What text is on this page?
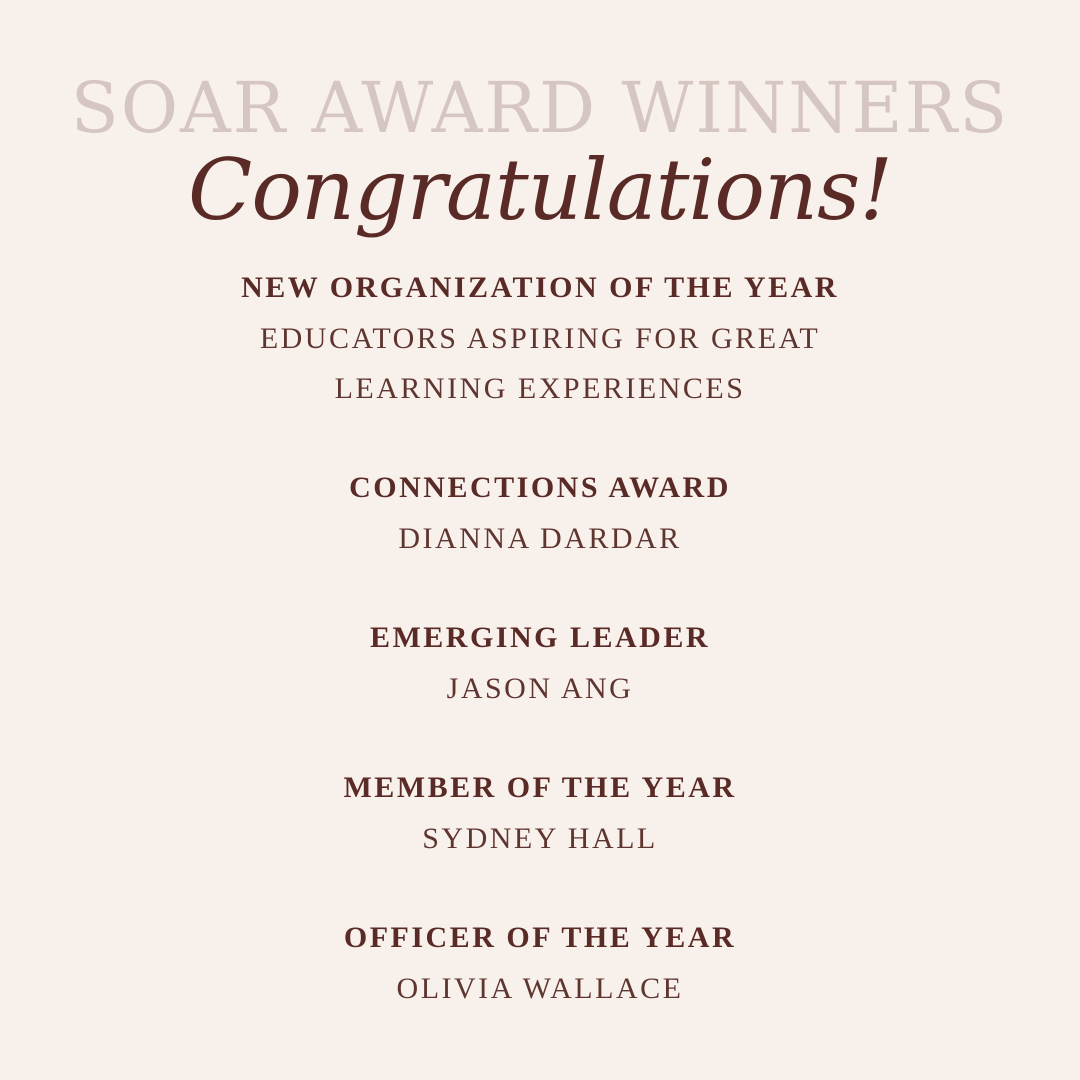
SOAR AWARD WINNERS
Congratulations!
NEW ORGANIZATION OF THE YEAR
EDUCATORS ASPIRING FOR GREAT LEARNING EXPERIENCES
CONNECTIONS AWARD
DIANNA DARDAR
EMERGING LEADER
JASON ANG
MEMBER OF THE YEAR
SYDNEY HALL
OFFICER OF THE YEAR
OLIVIA WALLACE
